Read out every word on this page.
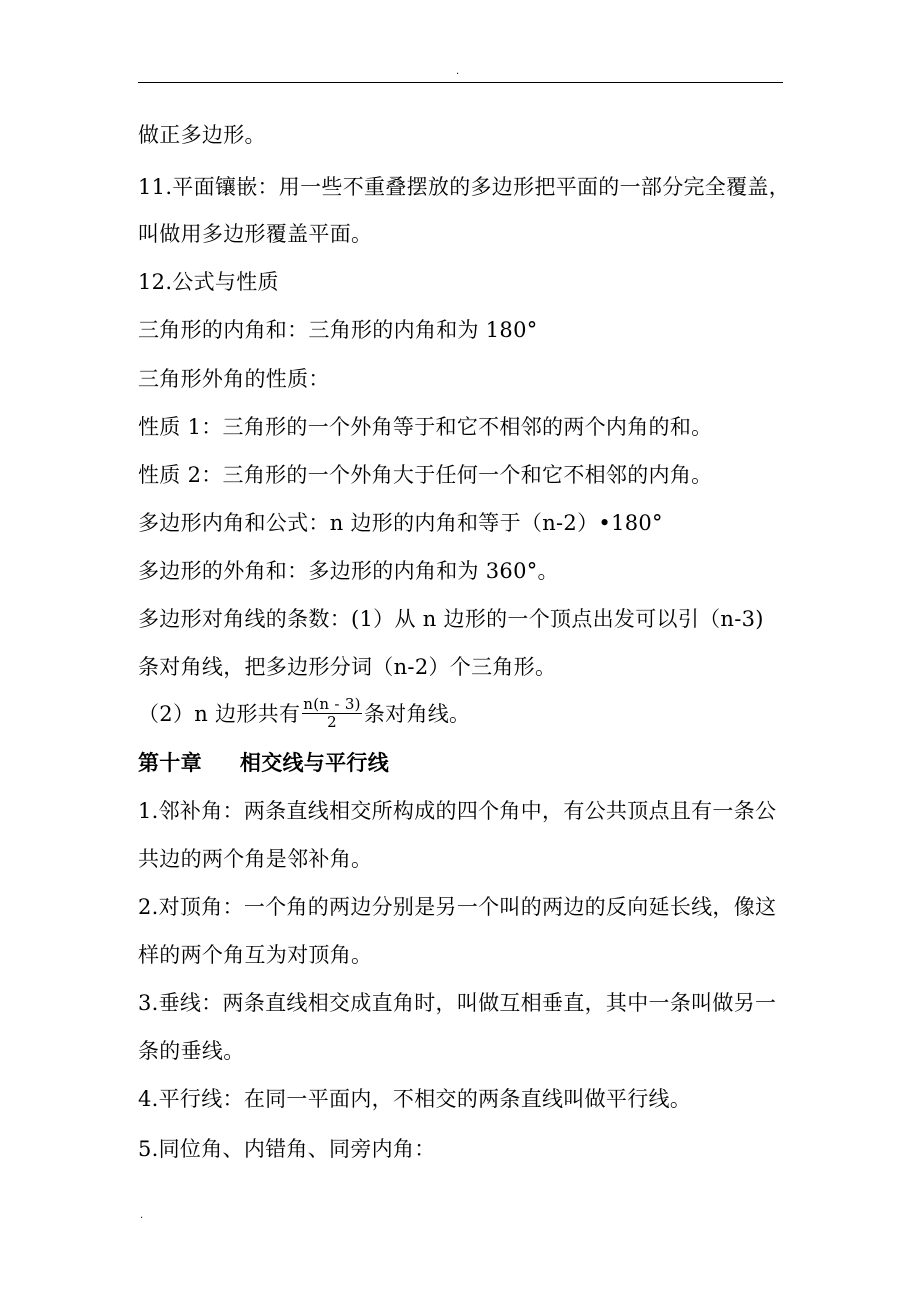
.
做正多边形。
11.平面镶嵌：用一些不重叠摆放的多边形把平面的一部分完全覆盖，
叫做用多边形覆盖平面。
12.公式与性质
三角形的内角和：三角形的内角和为 180°
三角形外角的性质：
性质 1：三角形的一个外角等于和它不相邻的两个内角的和。
性质 2：三角形的一个外角大于任何一个和它不相邻的内角。
多边形内角和公式：n 边形的内角和等于（n-2）•180°
多边形的外角和：多边形的内角和为 360°。
多边形对角线的条数：(1）从 n 边形的一个顶点出发可以引（n-3)
条对角线，把多边形分词（n-2）个三角形。
（2）n 边形共有 $\frac{n(n - 3)}{2}$ 条对角线。
第十章 相交线与平行线
1.邻补角：两条直线相交所构成的四个角中，有公共顶点且有一条公
共边的两个角是邻补角。
2.对顶角：一个角的两边分别是另一个叫的两边的反向延长线，像这
样的两个角互为对顶角。
3.垂线：两条直线相交成直角时，叫做互相垂直，其中一条叫做另一
条的垂线。
4.平行线：在同一平面内，不相交的两条直线叫做平行线。
5.同位角、内错角、同旁内角：
.
